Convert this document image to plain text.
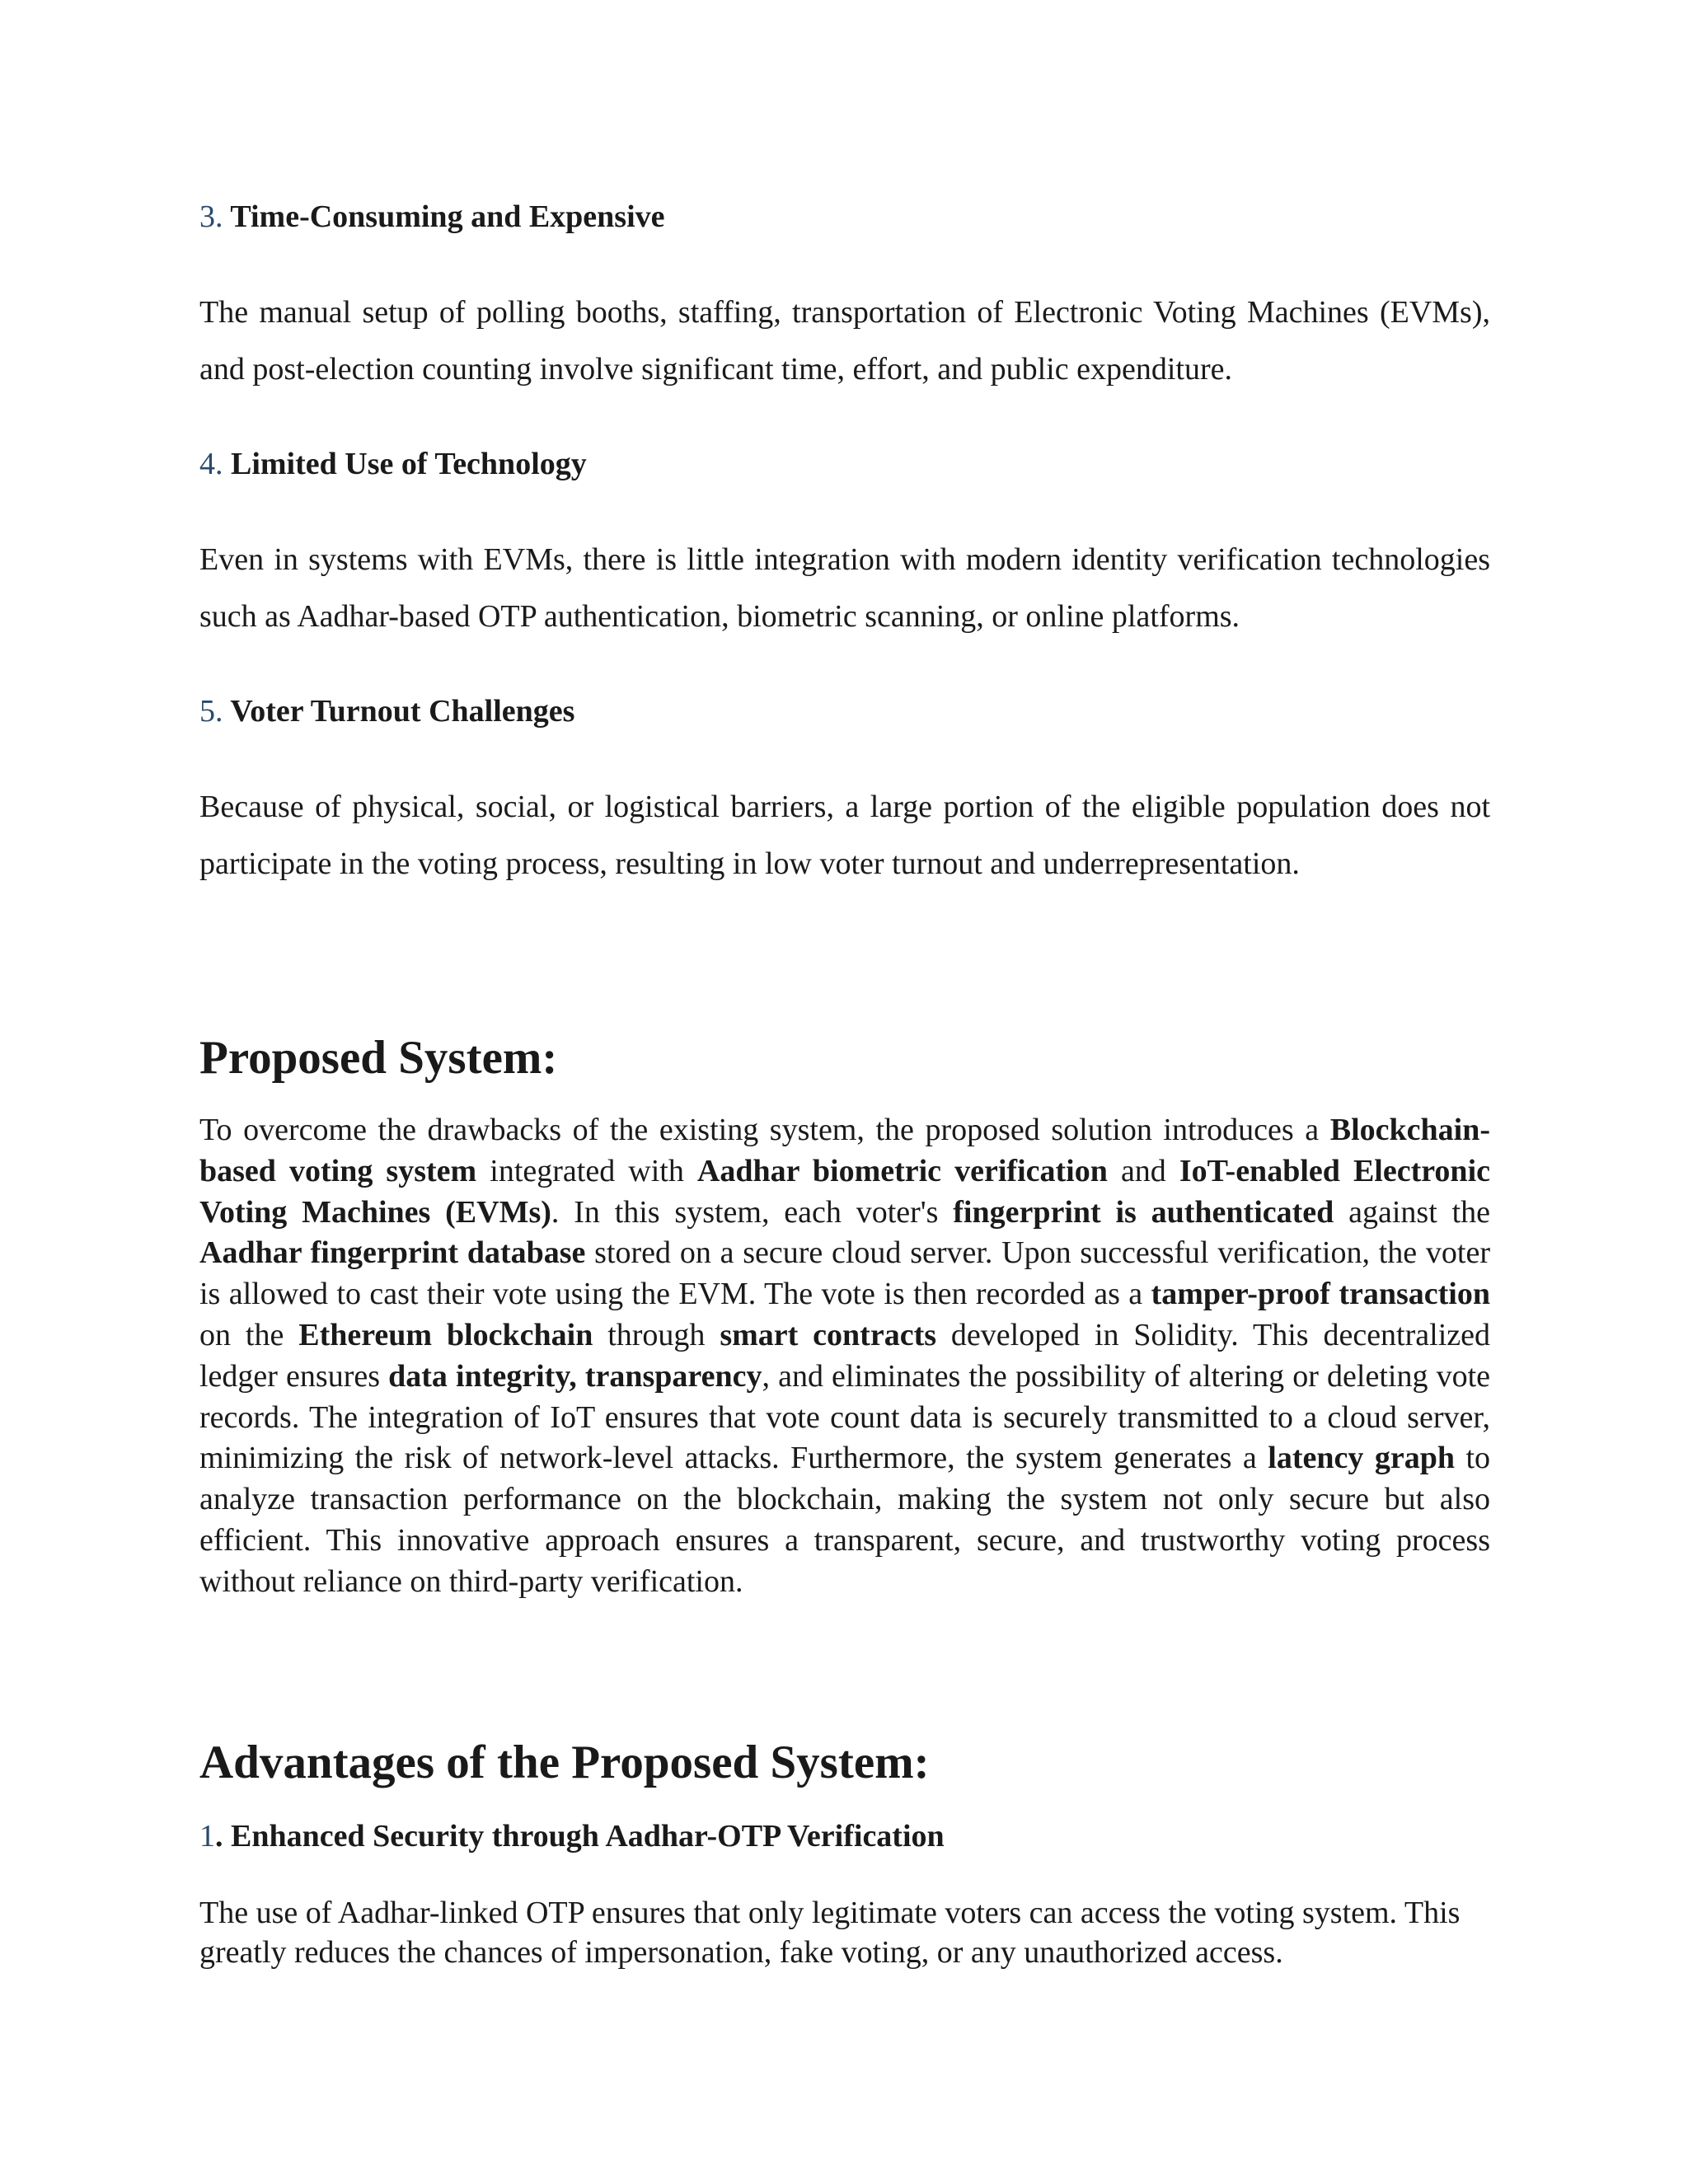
3. Time-Consuming and Expensive

The manual setup of polling booths, staffing, transportation of Electronic Voting Machines (EVMs), and post-election counting involve significant time, effort, and public expenditure.

4. Limited Use of Technology

Even in systems with EVMs, there is little integration with modern identity verification technologies such as Aadhar-based OTP authentication, biometric scanning, or online platforms.

5. Voter Turnout Challenges

Because of physical, social, or logistical barriers, a large portion of the eligible population does not participate in the voting process, resulting in low voter turnout and underrepresentation.

Proposed System:

To overcome the drawbacks of the existing system, the proposed solution introduces a Blockchain-based voting system integrated with Aadhar biometric verification and IoT-enabled Electronic Voting Machines (EVMs). In this system, each voter's fingerprint is authenticated against the Aadhar fingerprint database stored on a secure cloud server. Upon successful verification, the voter is allowed to cast their vote using the EVM. The vote is then recorded as a tamper-proof transaction on the Ethereum blockchain through smart contracts developed in Solidity. This decentralized ledger ensures data integrity, transparency, and eliminates the possibility of altering or deleting vote records. The integration of IoT ensures that vote count data is securely transmitted to a cloud server, minimizing the risk of network-level attacks. Furthermore, the system generates a latency graph to analyze transaction performance on the blockchain, making the system not only secure but also efficient. This innovative approach ensures a transparent, secure, and trustworthy voting process without reliance on third-party verification.

Advantages of the Proposed System:

1. Enhanced Security through Aadhar-OTP Verification

The use of Aadhar-linked OTP ensures that only legitimate voters can access the voting system. This greatly reduces the chances of impersonation, fake voting, or any unauthorized access.
